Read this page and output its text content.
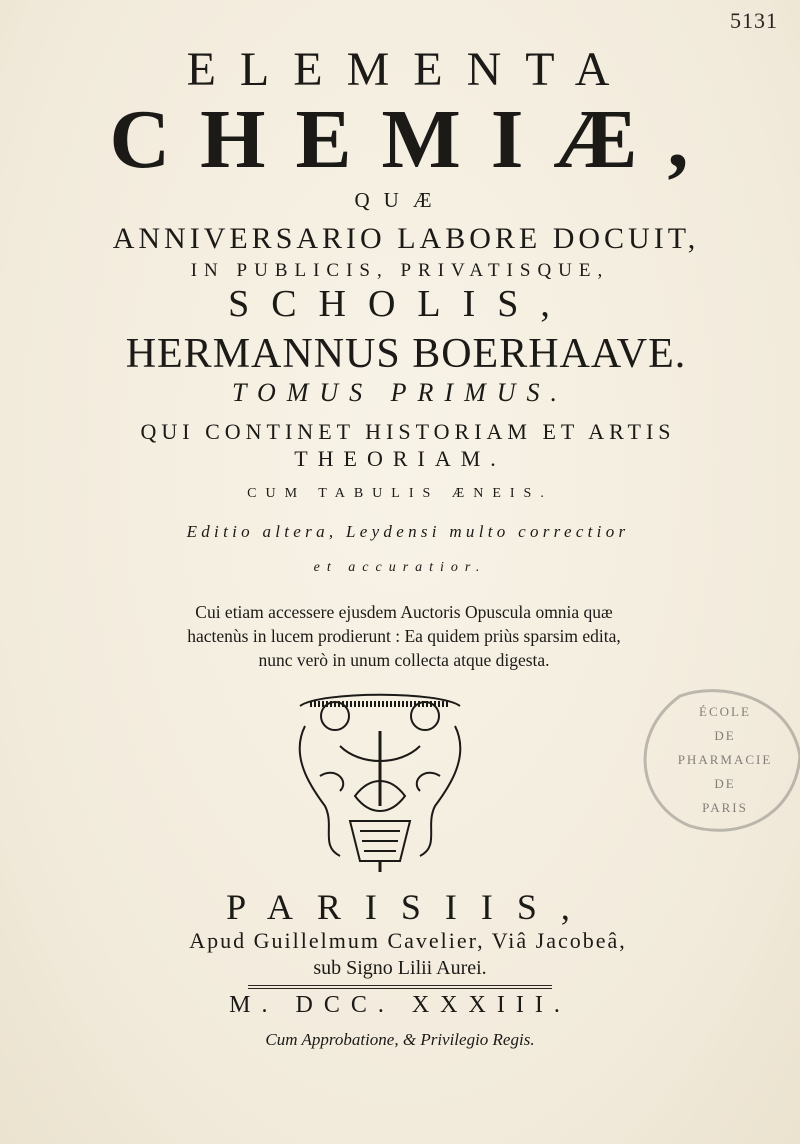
5131
ELEMENTA
CHEMIÆ,
QUÆ
ANNIVERSARIO LABORE DOCUIT,
IN PUBLICIS, PRIVATISQUE,
SCHOLIS,
HERMANNUS BOERHAAVE.
TOMUS PRIMUS.
QUI CONTINET HISTORIAM ET ARTIS
THEORIAM.
CUM TABULIS ÆNEIS.
Editio altera, Leydensi multo correctior
et accuratior.
Cui etiam accessere ejusdem Auctoris Opuscula omnia quæ
hactenùs in lucem prodierunt : Ea quidem priùs sparsim edita,
nunc verò in unum collecta atque digesta.
ÉCOLE
DE
PHARMACIE
DE
PARIS
PARISIIS,
Apud Guillelmum Cavelier, Viâ Jacobeâ,
sub Signo Lilii Aurei.
M. DCC. XXXIII.
Cum Approbatione, & Privilegio Regis.
